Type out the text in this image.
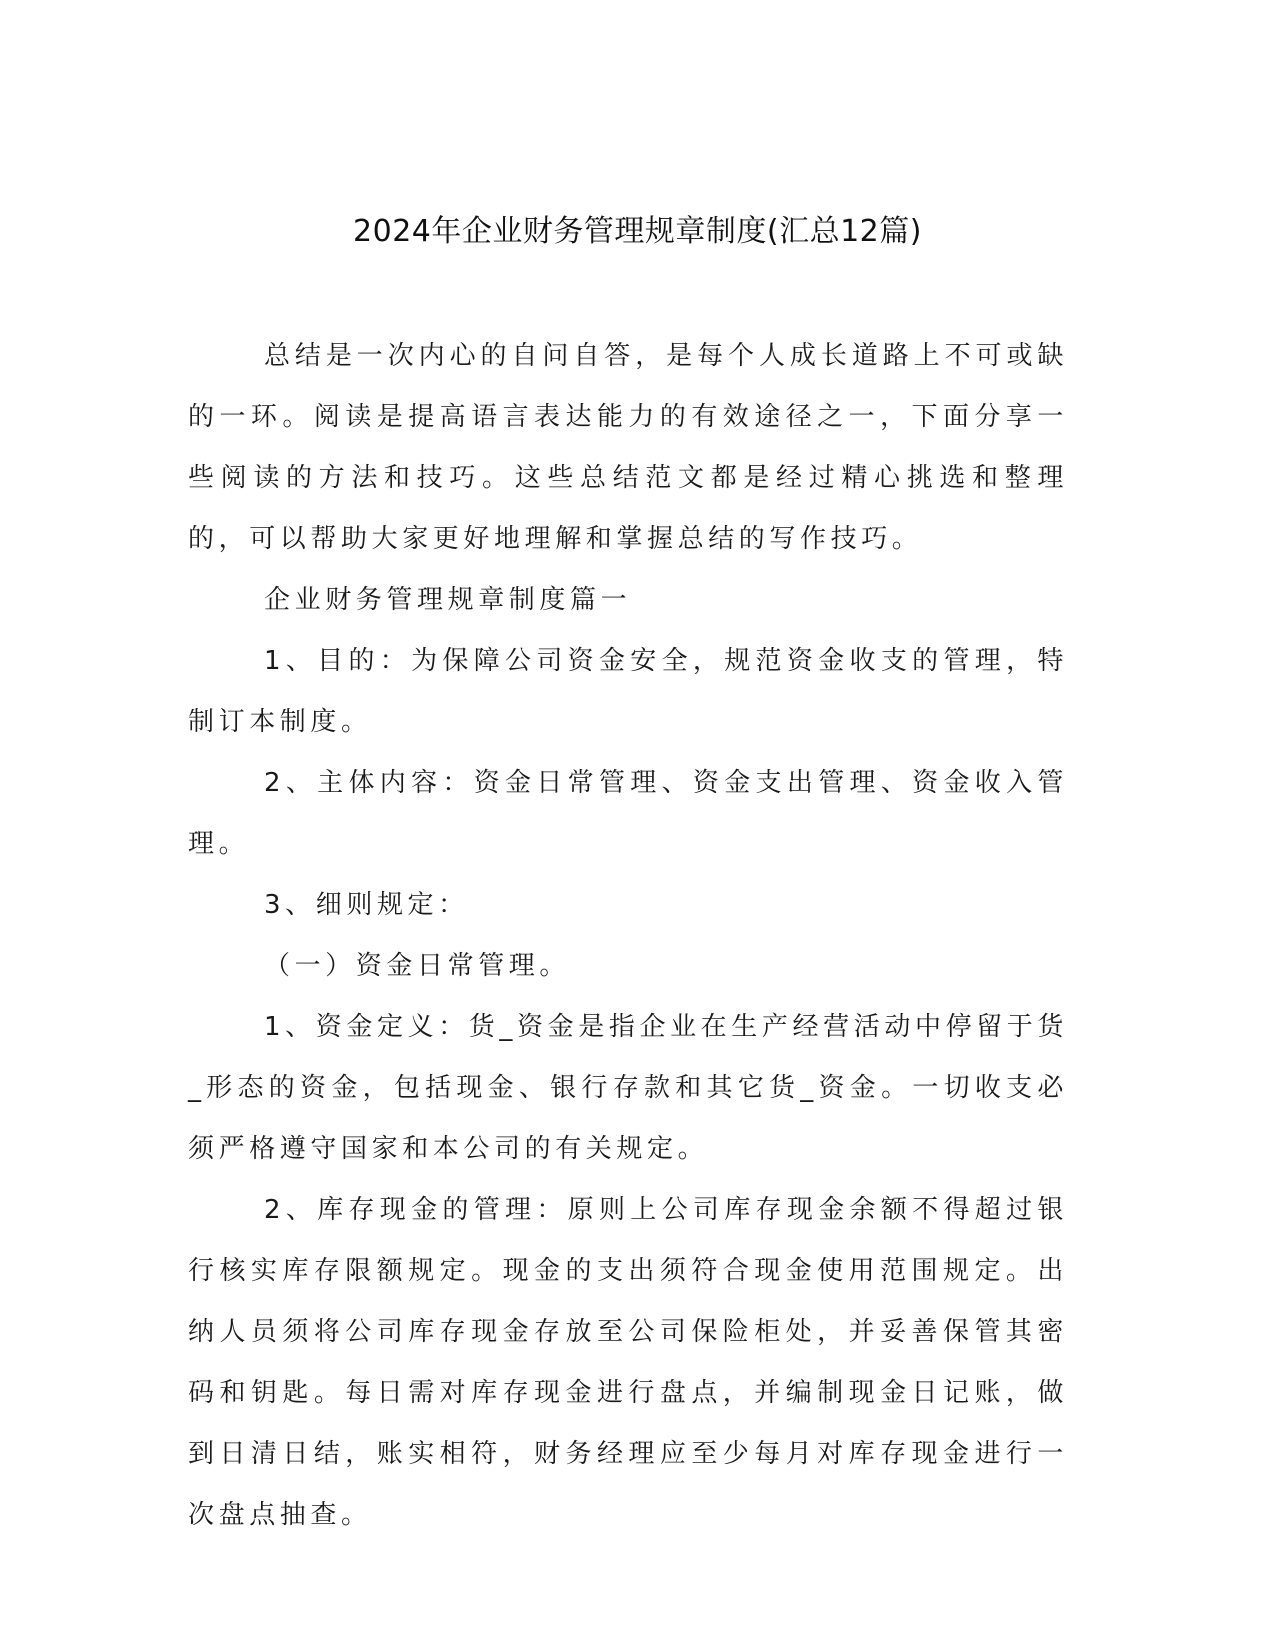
2024年企业财务管理规章制度(汇总12篇)

总结是一次内心的自问自答，是每个人成长道路上不可或缺的一环。阅读是提高语言表达能力的有效途径之一，下面分享一些阅读的方法和技巧。这些总结范文都是经过精心挑选和整理的，可以帮助大家更好地理解和掌握总结的写作技巧。

企业财务管理规章制度篇一

1、目的：为保障公司资金安全，规范资金收支的管理，特制订本制度。

2、主体内容：资金日常管理、资金支出管理、资金收入管理。

3、细则规定：

（一）资金日常管理。

1、资金定义：货_资金是指企业在生产经营活动中停留于货_形态的资金，包括现金、银行存款和其它货_资金。一切收支必须严格遵守国家和本公司的有关规定。

2、库存现金的管理：原则上公司库存现金余额不得超过银行核实库存限额规定。现金的支出须符合现金使用范围规定。出纳人员须将公司库存现金存放至公司保险柜处，并妥善保管其密码和钥匙。每日需对库存现金进行盘点，并编制现金日记账，做到日清日结，账实相符，财务经理应至少每月对库存现金进行一次盘点抽查。
